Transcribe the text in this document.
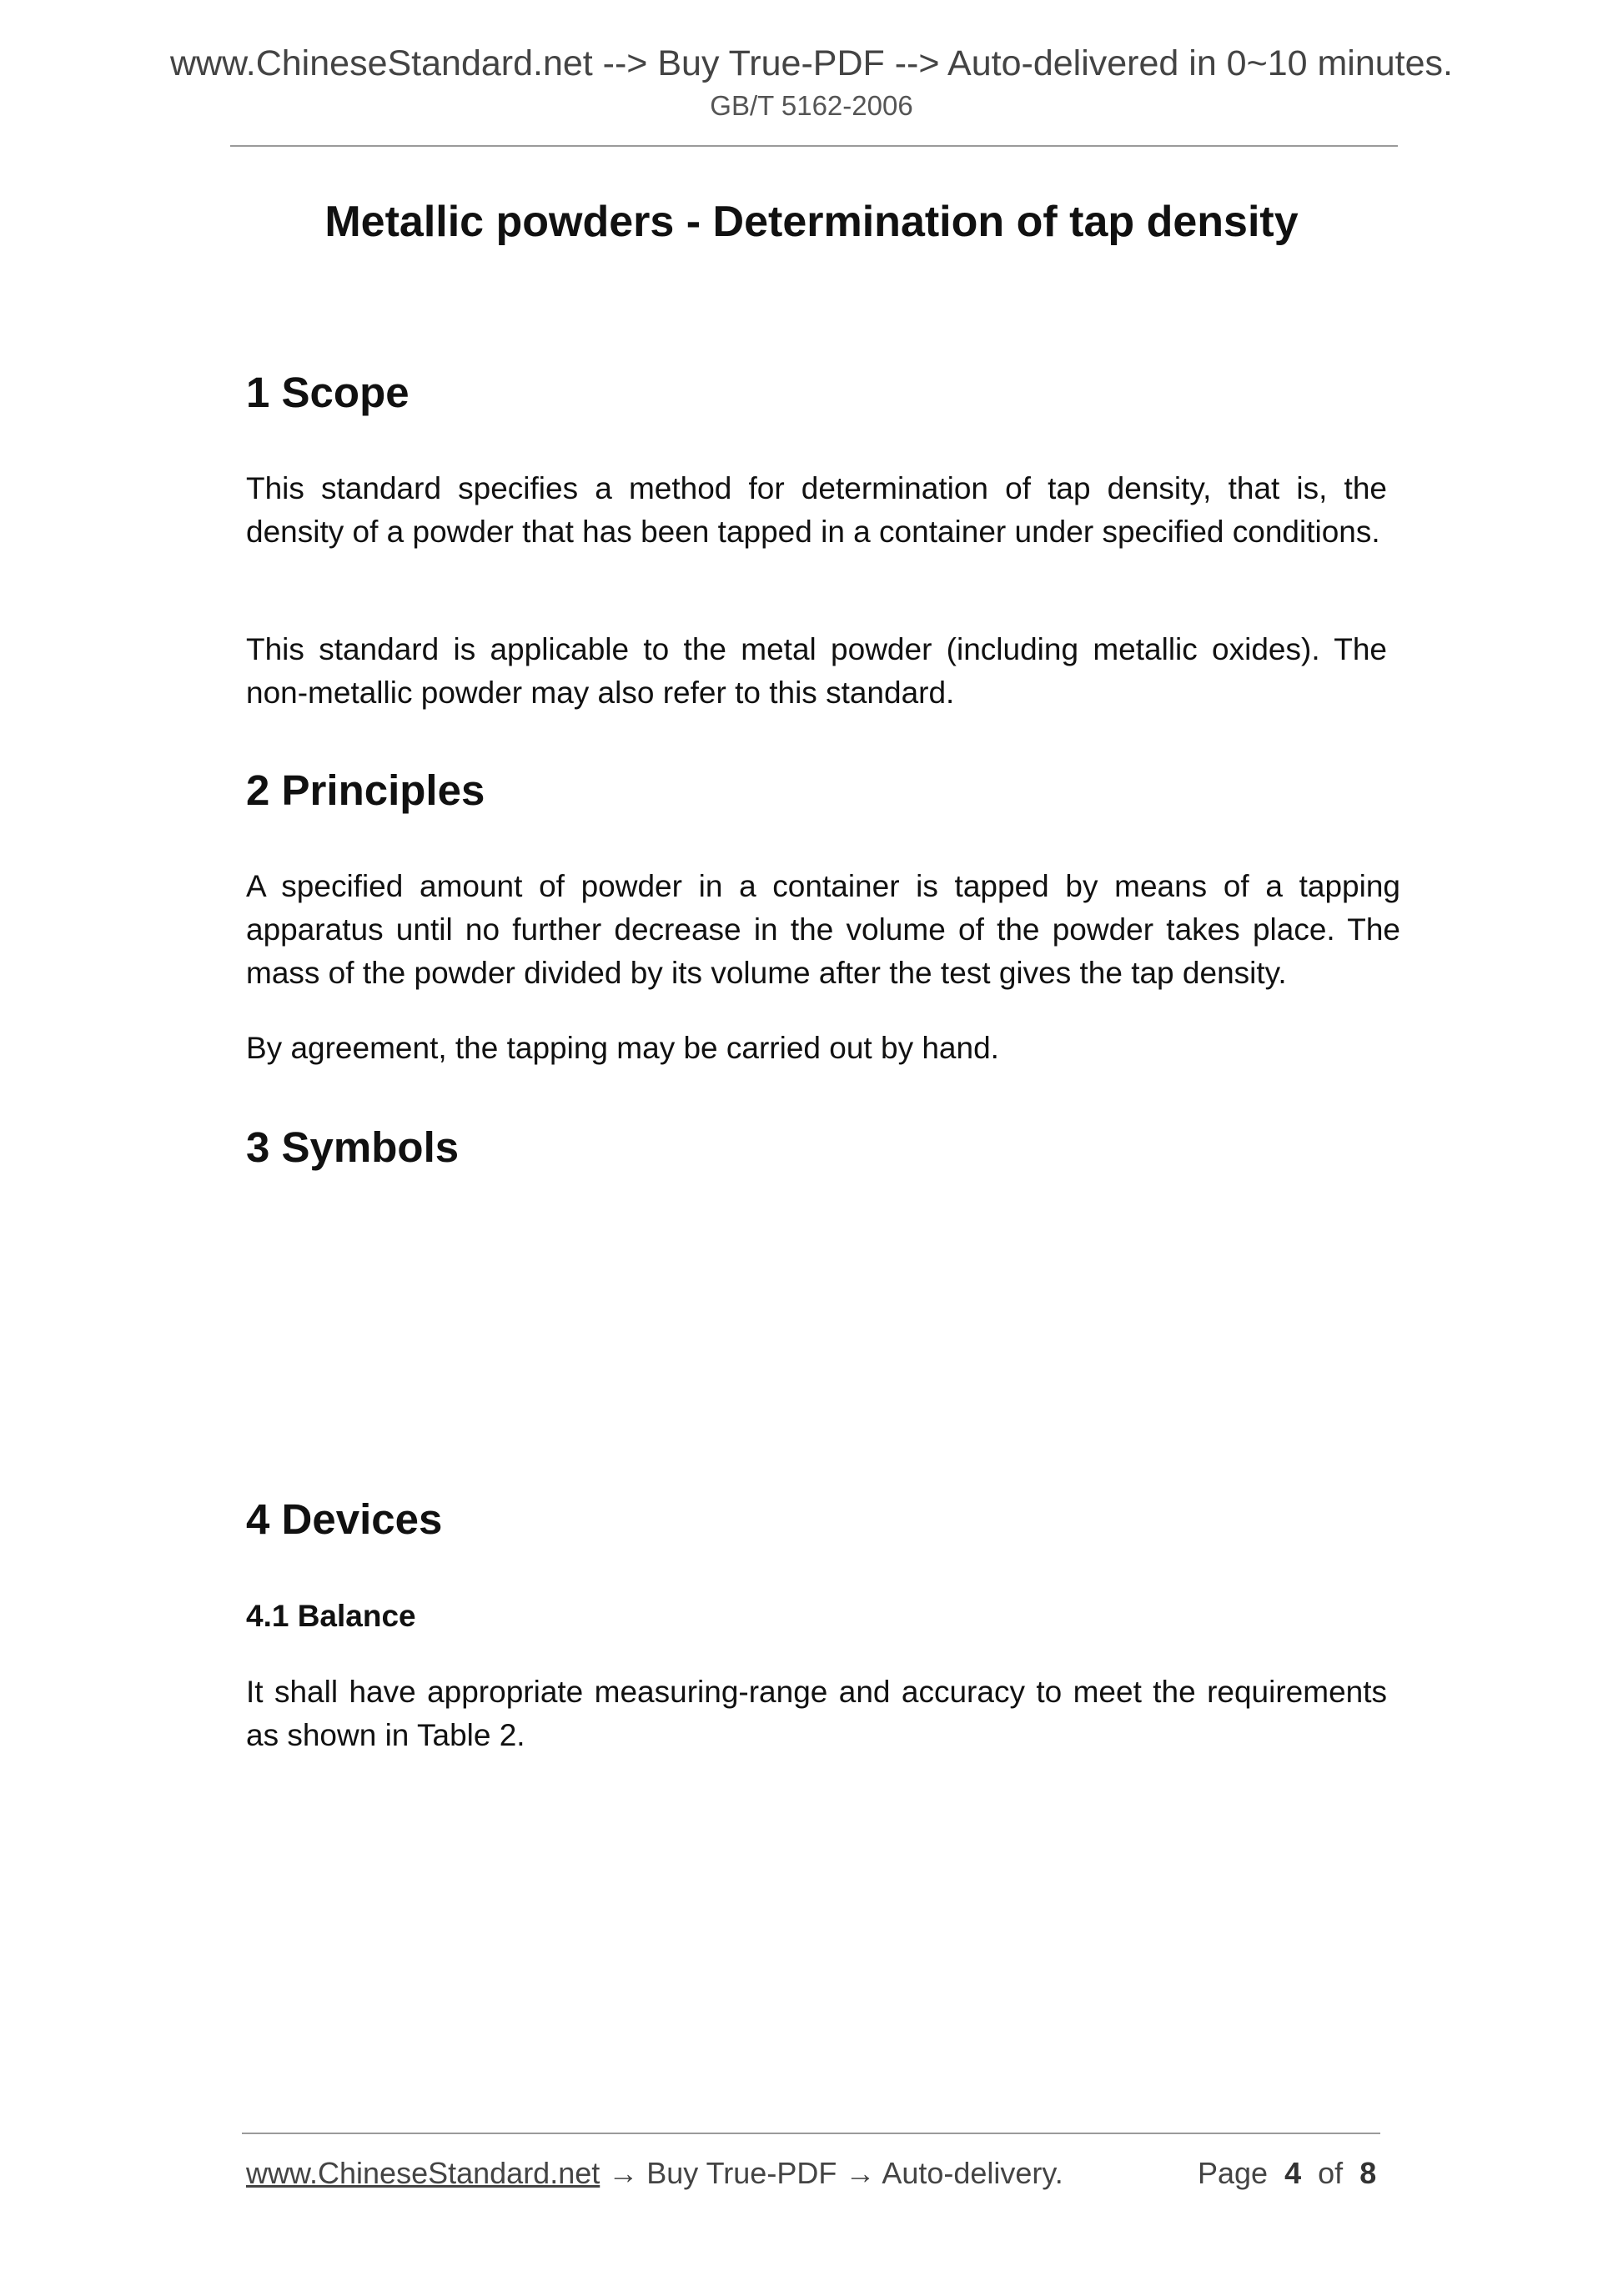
www.ChineseStandard.net --> Buy True-PDF --> Auto-delivered in 0~10 minutes.
GB/T 5162-2006
Metallic powders - Determination of tap density
1 Scope
This standard specifies a method for determination of tap density, that is, the density of a powder that has been tapped in a container under specified conditions.
This standard is applicable to the metal powder (including metallic oxides). The non-metallic powder may also refer to this standard.
2 Principles
A specified amount of powder in a container is tapped by means of a tapping apparatus until no further decrease in the volume of the powder takes place. The mass of the powder divided by its volume after the test gives the tap density.
By agreement, the tapping may be carried out by hand.
3 Symbols
4 Devices
4.1 Balance
It shall have appropriate measuring-range and accuracy to meet the requirements as shown in Table 2.
www.ChineseStandard.net → Buy True-PDF → Auto-delivery.	Page 4 of 8
